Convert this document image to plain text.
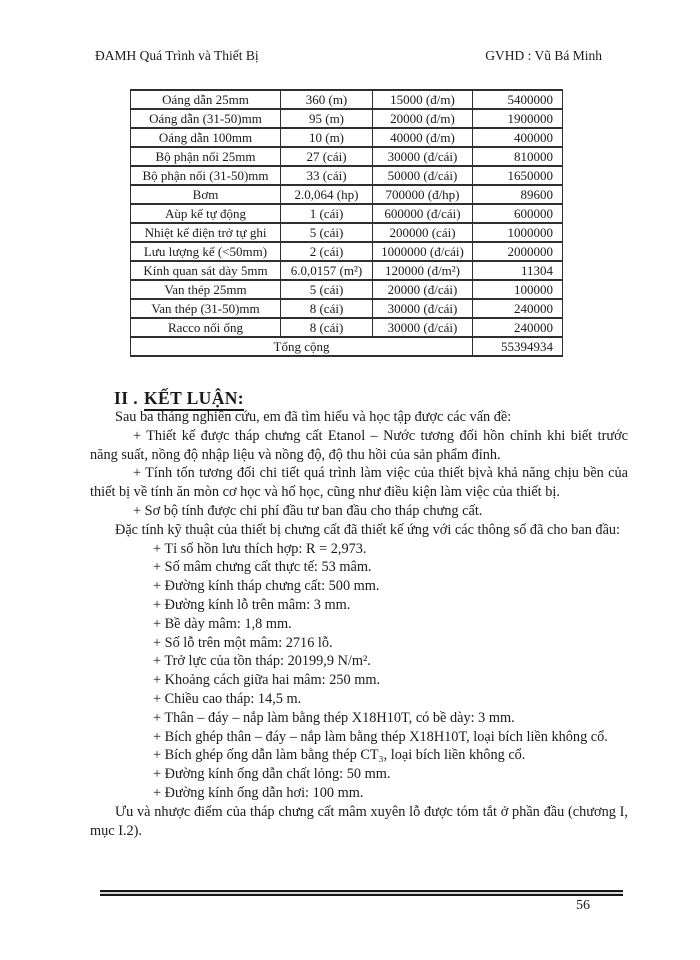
ĐAMH Quá Trình và Thiết Bị	GVHD : Vũ Bá Minh
Oáng dẫn 25mm	360 (m)	15000 (đ/m)	5400000
Oáng dẫn (31-50)mm	95 (m)	20000 (đ/m)	1900000
Oáng dẫn 100mm	10 (m)	40000 (đ/m)	400000
Bộ phận nối 25mm	27 (cái)	30000 (đ/cái)	810000
Bộ phận nối (31-50)mm	33 (cái)	50000 (đ/cái)	1650000
Bơm	2.0,064 (hp)	700000 (đ/hp)	89600
Aùp kế tự động	1 (cái)	600000 (đ/cái)	600000
Nhiệt kế điện trở tự ghi	5 (cái)	200000 (cái)	1000000
Lưu lượng kế (<50mm)	2 (cái)	1000000 (đ/cái)	2000000
Kính quan sát dày 5mm	6.0,0157 (m²)	120000 (đ/m²)	11304
Van thép 25mm	5 (cái)	20000 (đ/cái)	100000
Van thép (31-50)mm	8 (cái)	30000 (đ/cái)	240000
Racco nối ống	8 (cái)	30000 (đ/cái)	240000
Tổng cộng			55394934
II . KẾT LUẬN:

Sau ba tháng nghiên cứu, em đã tìm hiểu và học tập được các vấn đề:

+ Thiết kế được tháp chưng cất Etanol – Nước tương đối hồn chỉnh khi biết trước năng suất, nồng độ nhập liệu và nồng độ, độ thu hồi của sản phẩm đỉnh.

+ Tính tốn tương đối chi tiết quá trình làm việc của thiết bịvà khả năng chịu bền của thiết bị về tính ăn mòn cơ học và hố học, cũng như điều kiện làm việc của thiết bị.

+ Sơ bộ tính được chi phí đầu tư ban đầu cho tháp chưng cất.

Đặc tính kỹ thuật của thiết bị chưng cất đã thiết kế ứng với các thông số đã cho ban đầu:

+ Tỉ số hồn lưu thích hợp: R = 2,973.

+ Số mâm chưng cất thực tế: 53 mâm.

+ Đường kính tháp chưng cất: 500 mm.

+ Đường kính lỗ trên mâm: 3 mm.

+ Bề dày mâm: 1,8 mm.

+ Số lỗ trên một mâm: 2716 lỗ.

+ Trở lực của tồn tháp: 20199,9 N/m².

+ Khoảng cách giữa hai mâm: 250 mm.

+ Chiều cao tháp: 14,5 m.

+ Thân – đáy – nắp làm bằng thép X18H10T, có bề dày: 3 mm.

+ Bích ghép thân – đáy – nắp làm bằng thép X18H10T, loại bích liền không cổ.

+ Bích ghép ống dẫn làm bằng thép CT₃, loại bích liền không cổ.

+ Đường kính ống dẫn chất lỏng: 50 mm.

+ Đường kính ống dẫn hơi: 100 mm.

Ưu và nhược điểm của tháp chưng cất mâm xuyên lỗ được tóm tắt ở phần đầu (chương I, mục I.2).

56
